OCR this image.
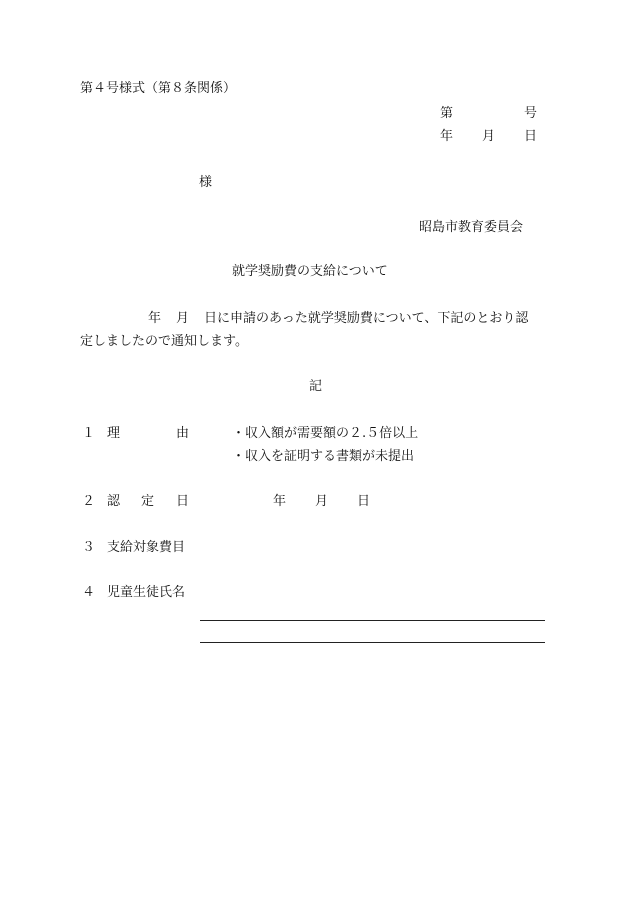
第４号様式（第８条関係）
第	号
年 月 日
様
昭島市教育委員会
就学奨励費の支給について
年 月 日に申請のあった就学奨励費について、下記のとおり認
定しましたので通知します。
記
１ 理	由	・収入額が需要額の２.５倍以上
・収入を証明する書類が未提出
２ 認 定 日	年 月 日
３ 支給対象費目
４ 児童生徒氏名
